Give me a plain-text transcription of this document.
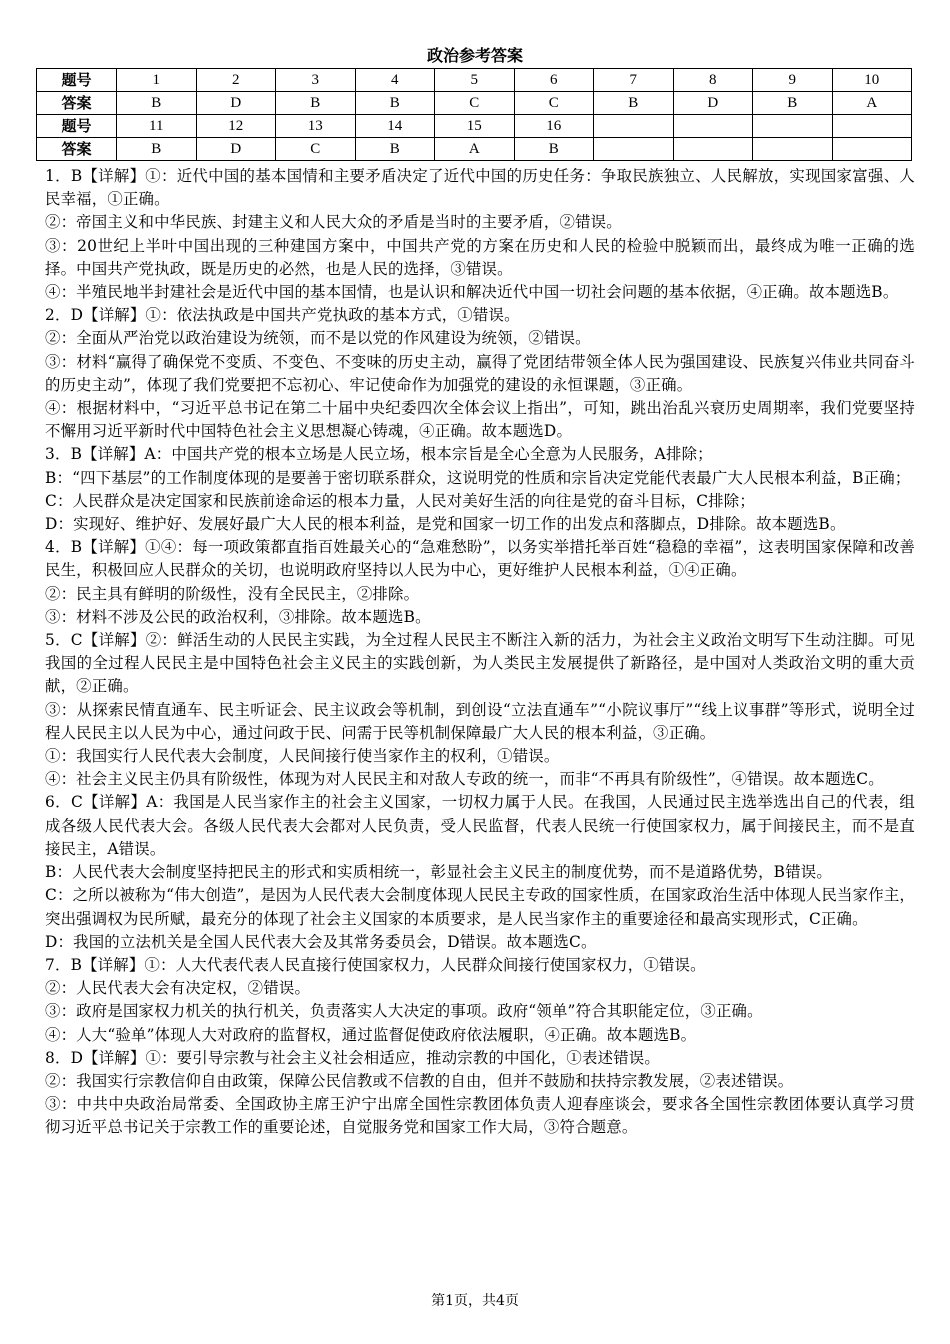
政治参考答案
题号	1	2	3	4	5	6	7	8	9	10
答案	B	D	B	B	C	C	B	D	B	A
题号	11	12	13	14	15	16				
答案	B	D	C	B	A	B				

1．B【详解】①：近代中国的基本国情和主要矛盾决定了近代中国的历史任务：争取民族独立、人民解放，实现国家富强、人民幸福，①正确。

②：帝国主义和中华民族、封建主义和人民大众的矛盾是当时的主要矛盾，②错误。

③：20世纪上半叶中国出现的三种建国方案中，中国共产党的方案在历史和人民的检验中脱颖而出，最终成为唯一正确的选择。中国共产党执政，既是历史的必然，也是人民的选择，③错误。

④：半殖民地半封建社会是近代中国的基本国情，也是认识和解决近代中国一切社会问题的基本依据，④正确。故本题选B。

2．D【详解】①：依法执政是中国共产党执政的基本方式，①错误。

②：全面从严治党以政治建设为统领，而不是以党的作风建设为统领，②错误。

③：材料“赢得了确保党不变质、不变色、不变味的历史主动，赢得了党团结带领全体人民为强国建设、民族复兴伟业共同奋斗的历史主动”，体现了我们党要把不忘初心、牢记使命作为加强党的建设的永恒课题，③正确。

④：根据材料中，“习近平总书记在第二十届中央纪委四次全体会议上指出”，可知，跳出治乱兴衰历史周期率，我们党要坚持不懈用习近平新时代中国特色社会主义思想凝心铸魂，④正确。故本题选D。

3．B【详解】A：中国共产党的根本立场是人民立场，根本宗旨是全心全意为人民服务，A排除；

B：“四下基层”的工作制度体现的是要善于密切联系群众，这说明党的性质和宗旨决定党能代表最广大人民根本利益，B正确；

C：人民群众是决定国家和民族前途命运的根本力量，人民对美好生活的向往是党的奋斗目标，C排除；

D：实现好、维护好、发展好最广大人民的根本利益，是党和国家一切工作的出发点和落脚点，D排除。故本题选B。

4．B【详解】①④：每一项政策都直指百姓最关心的“急难愁盼”，以务实举措托举百姓“稳稳的幸福”，这表明国家保障和改善民生，积极回应人民群众的关切，也说明政府坚持以人民为中心，更好维护人民根本利益，①④正确。

②：民主具有鲜明的阶级性，没有全民民主，②排除。

③：材料不涉及公民的政治权利，③排除。故本题选B。

5．C【详解】②：鲜活生动的人民民主实践，为全过程人民民主不断注入新的活力，为社会主义政治文明写下生动注脚。可见我国的全过程人民民主是中国特色社会主义民主的实践创新，为人类民主发展提供了新路径，是中国对人类政治文明的重大贡献，②正确。

③：从探索民情直通车、民主听证会、民主议政会等机制，到创设“立法直通车”“小院议事厅”“线上议事群”等形式，说明全过程人民民主以人民为中心，通过问政于民、问需于民等机制保障最广大人民的根本利益，③正确。

①：我国实行人民代表大会制度，人民间接行使当家作主的权利，①错误。

④：社会主义民主仍具有阶级性，体现为对人民民主和对敌人专政的统一，而非“不再具有阶级性”，④错误。故本题选C。

6．C【详解】A：我国是人民当家作主的社会主义国家，一切权力属于人民。在我国，人民通过民主选举选出自己的代表，组成各级人民代表大会。各级人民代表大会都对人民负责，受人民监督，代表人民统一行使国家权力，属于间接民主，而不是直接民主，A错误。

B：人民代表大会制度坚持把民主的形式和实质相统一，彰显社会主义民主的制度优势，而不是道路优势，B错误。

C：之所以被称为“伟大创造”，是因为人民代表大会制度体现人民民主专政的国家性质，在国家政治生活中体现人民当家作主，突出强调权为民所赋，最充分的体现了社会主义国家的本质要求，是人民当家作主的重要途径和最高实现形式，C正确。

D：我国的立法机关是全国人民代表大会及其常务委员会，D错误。故本题选C。

7．B【详解】①：人大代表代表人民直接行使国家权力，人民群众间接行使国家权力，①错误。

②：人民代表大会有决定权，②错误。

③：政府是国家权力机关的执行机关，负责落实人大决定的事项。政府“领单”符合其职能定位，③正确。

④：人大“验单”体现人大对政府的监督权，通过监督促使政府依法履职，④正确。故本题选B。

8．D【详解】①：要引导宗教与社会主义社会相适应，推动宗教的中国化，①表述错误。

②：我国实行宗教信仰自由政策，保障公民信教或不信教的自由，但并不鼓励和扶持宗教发展，②表述错误。

③：中共中央政治局常委、全国政协主席王沪宁出席全国性宗教团体负责人迎春座谈会，要求各全国性宗教团体要认真学习贯彻习近平总书记关于宗教工作的重要论述，自觉服务党和国家工作大局，③符合题意。

第1页，共4页
